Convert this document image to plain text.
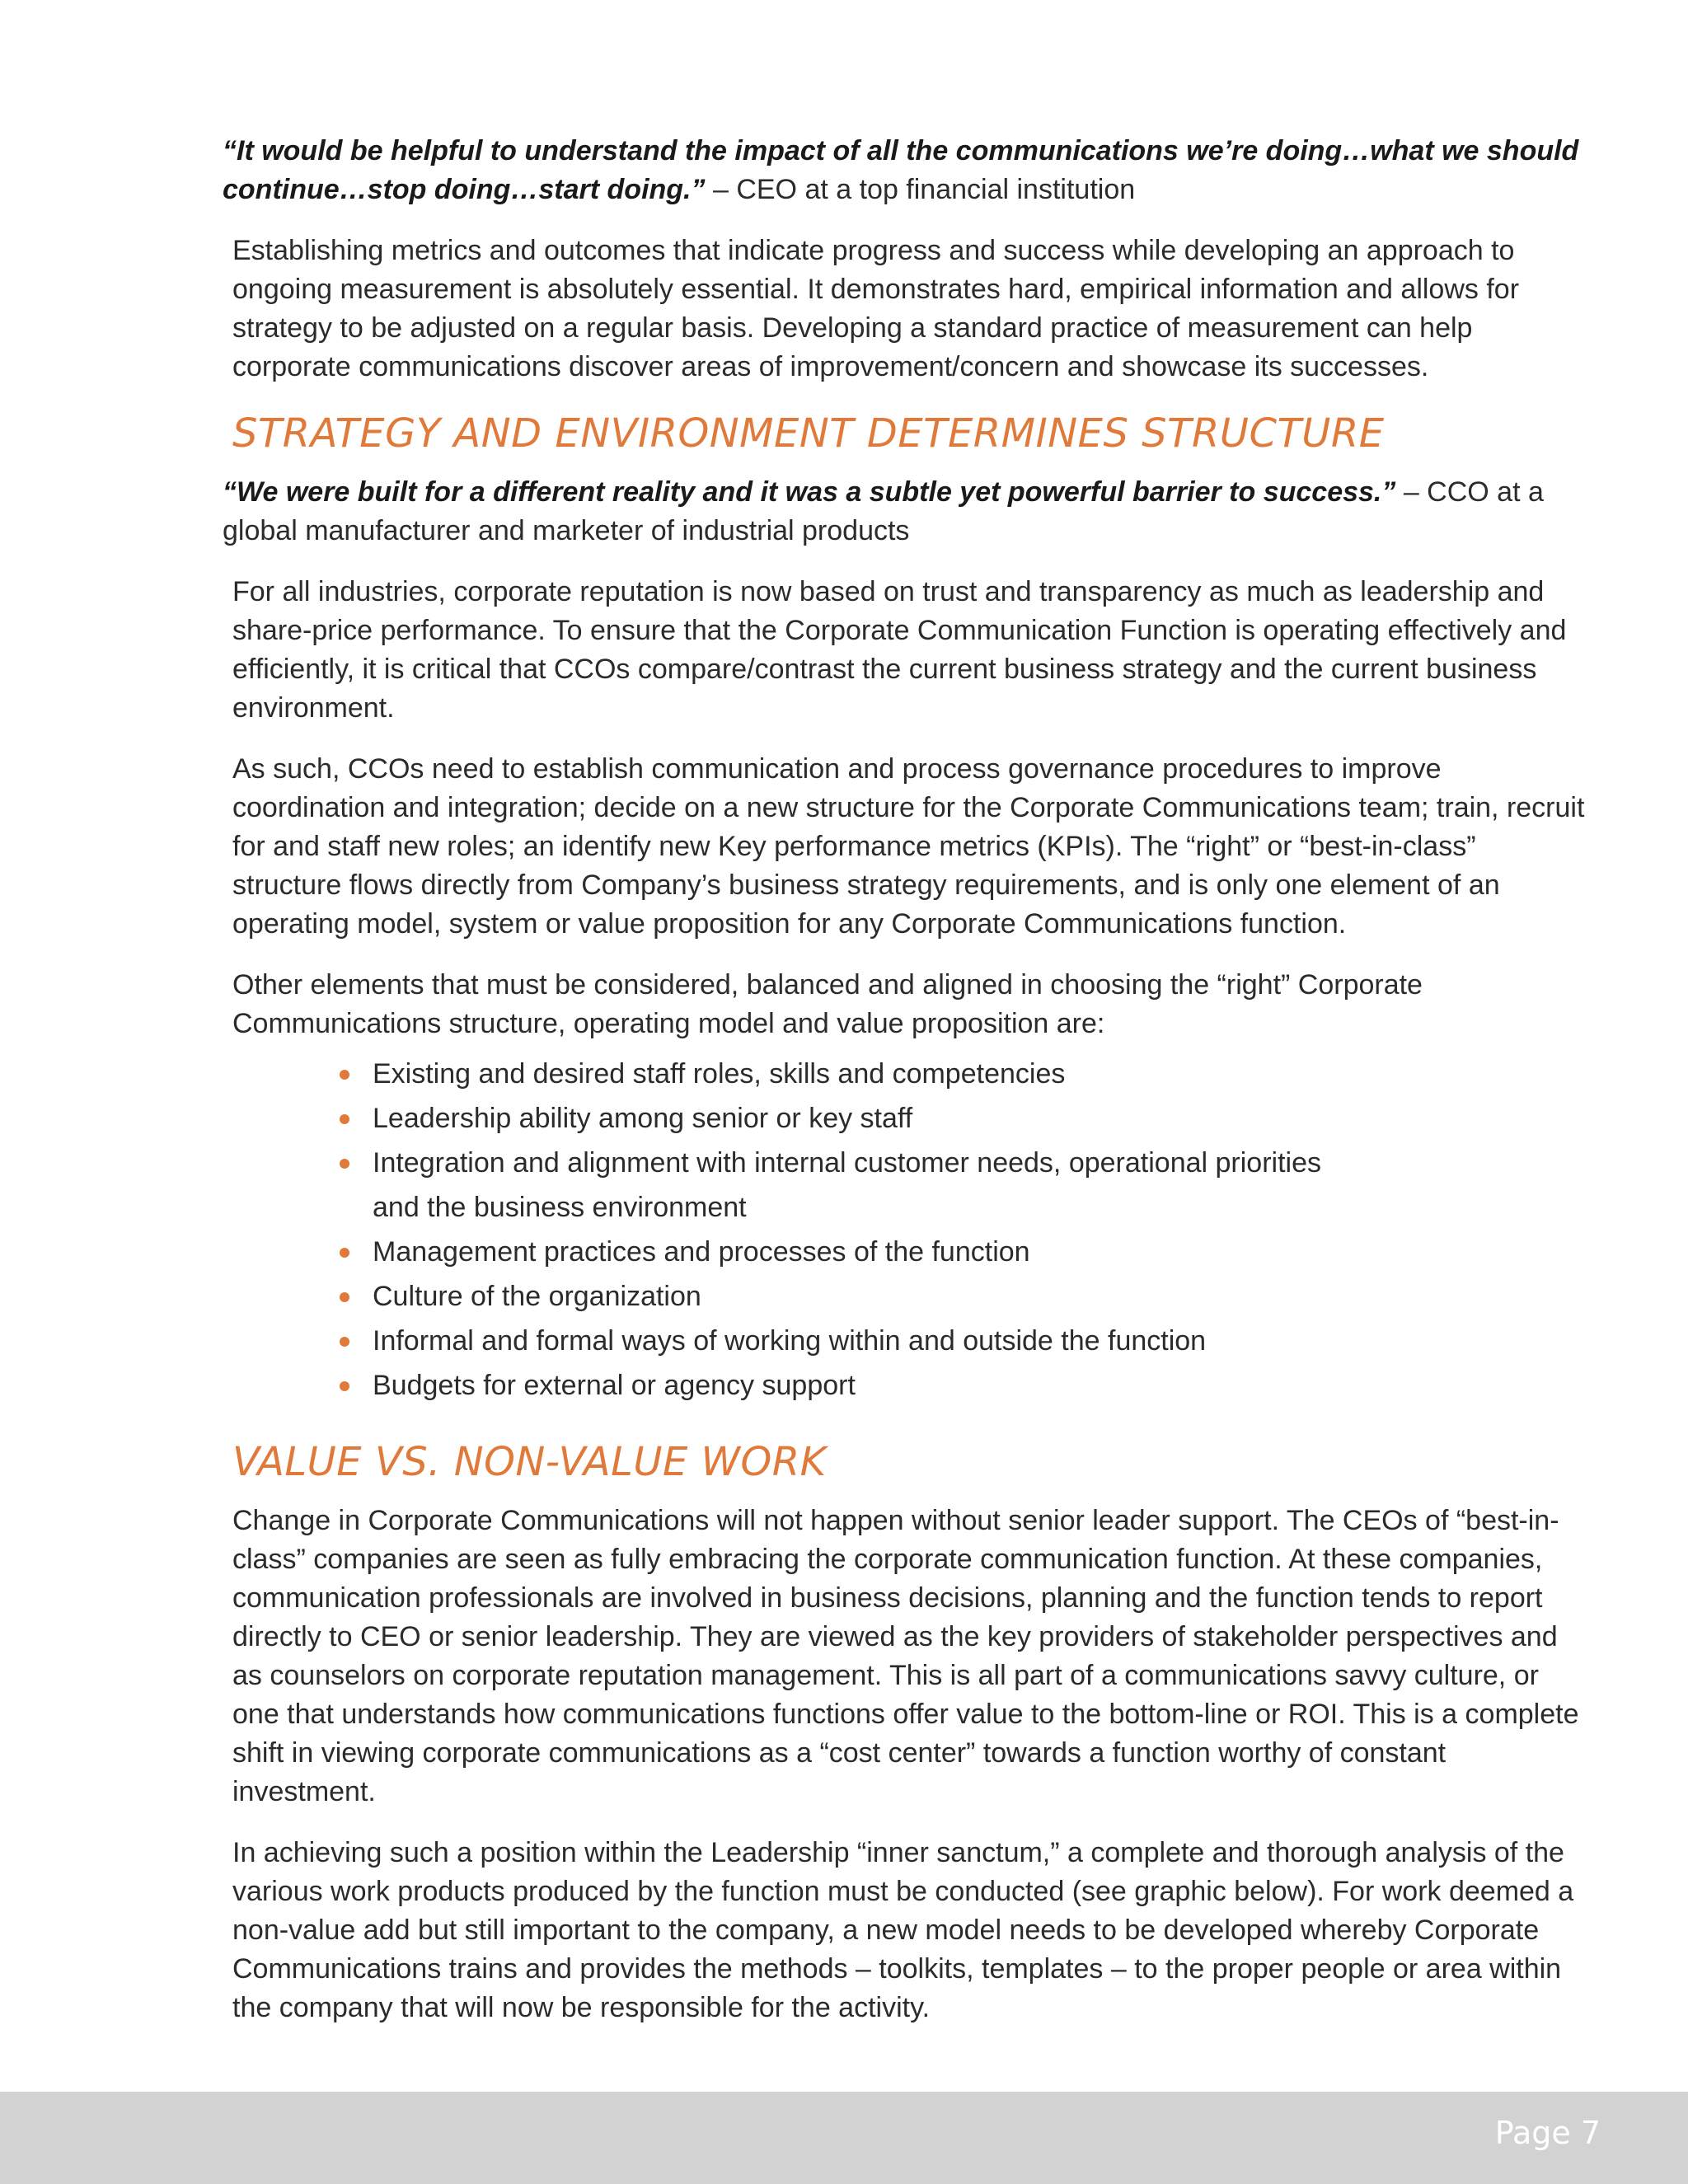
“It would be helpful to understand the impact of all the communications we’re doing…what we should continue…stop doing…start doing.” – CEO at a top financial institution

Establishing metrics and outcomes that indicate progress and success while developing an approach to ongoing measurement is absolutely essential. It demonstrates hard, empirical information and allows for strategy to be adjusted on a regular basis. Developing a standard practice of measurement can help corporate communications discover areas of improvement/concern and showcase its successes.

STRATEGY AND ENVIRONMENT DETERMINES STRUCTURE

“We were built for a different reality and it was a subtle yet powerful barrier to success.” – CCO at a global manufacturer and marketer of industrial products

For all industries, corporate reputation is now based on trust and transparency as much as leadership and share-price performance. To ensure that the Corporate Communication Function is operating effectively and efficiently, it is critical that CCOs compare/contrast the current business strategy and the current business environment.

As such, CCOs need to establish communication and process governance procedures to improve coordination and integration; decide on a new structure for the Corporate Communications team; train, recruit for and staff new roles; an identify new Key performance metrics (KPIs). The “right” or “best-in-class” structure flows directly from Company’s business strategy requirements, and is only one element of an operating model, system or value proposition for any Corporate Communications function.

Other elements that must be considered, balanced and aligned in choosing the “right” Corporate Communications structure, operating model and value proposition are:

Existing and desired staff roles, skills and competencies
Leadership ability among senior or key staff
Integration and alignment with internal customer needs, operational priorities and the business environment
Management practices and processes of the function
Culture of the organization
Informal and formal ways of working within and outside the function
Budgets for external or agency support
VALUE VS. NON-VALUE WORK

Change in Corporate Communications will not happen without senior leader support. The CEOs of “best-in-class” companies are seen as fully embracing the corporate communication function. At these companies, communication professionals are involved in business decisions, planning and the function tends to report directly to CEO or senior leadership. They are viewed as the key providers of stakeholder perspectives and as counselors on corporate reputation management. This is all part of a communications savvy culture, or one that understands how communications functions offer value to the bottom-line or ROI. This is a complete shift in viewing corporate communications as a “cost center” towards a function worthy of constant investment.

In achieving such a position within the Leadership “inner sanctum,” a complete and thorough analysis of the various work products produced by the function must be conducted (see graphic below). For work deemed a non-value add but still important to the company, a new model needs to be developed whereby Corporate Communications trains and provides the methods – toolkits, templates – to the proper people or area within the company that will now be responsible for the activity.

Page 7
